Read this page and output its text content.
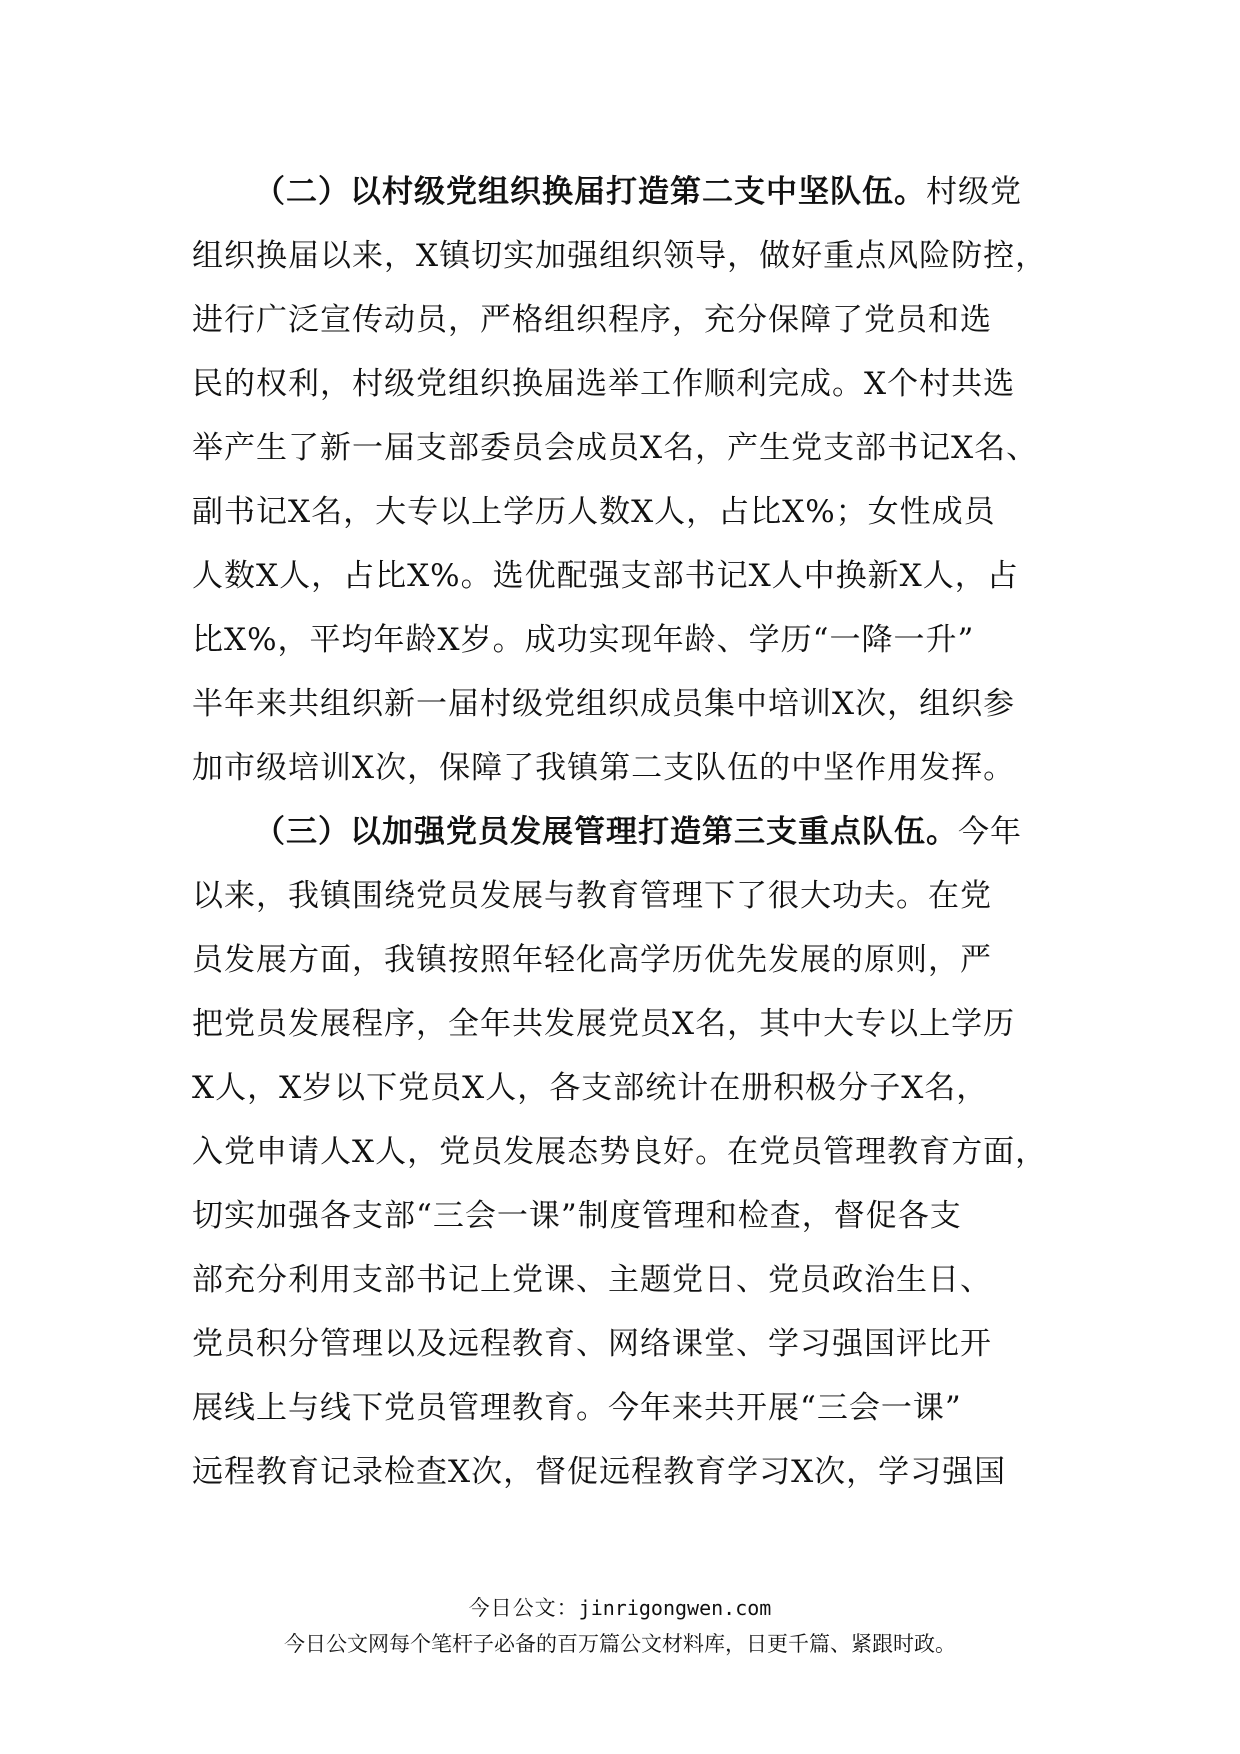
（二）以村级党组织换届打造第二支中坚队伍。村级党
组织换届以来，X镇切实加强组织领导，做好重点风险防控，
进行广泛宣传动员，严格组织程序，充分保障了党员和选
民的权利，村级党组织换届选举工作顺利完成。X个村共选
举产生了新一届支部委员会成员X名，产生党支部书记X名、
副书记X名，大专以上学历人数X人，占比X%；女性成员
人数X人，占比X%。选优配强支部书记X人中换新X人，占
比X%，平均年龄X岁。成功实现年龄、学历“一降一升”
半年来共组织新一届村级党组织成员集中培训X次，组织参
加市级培训X次，保障了我镇第二支队伍的中坚作用发挥。
（三）以加强党员发展管理打造第三支重点队伍。今年
以来，我镇围绕党员发展与教育管理下了很大功夫。在党
员发展方面，我镇按照年轻化高学历优先发展的原则，严
把党员发展程序，全年共发展党员X名，其中大专以上学历
X人，X岁以下党员X人，各支部统计在册积极分子X名，
入党申请人X人，党员发展态势良好。在党员管理教育方面，
切实加强各支部“三会一课”制度管理和检查，督促各支
部充分利用支部书记上党课、主题党日、党员政治生日、
党员积分管理以及远程教育、网络课堂、学习强国评比开
展线上与线下党员管理教育。今年来共开展“三会一课”
远程教育记录检查X次，督促远程教育学习X次，学习强国
今日公文：jinrigongwen.com
今日公文网每个笔杆子必备的百万篇公文材料库，日更千篇、紧跟时政。
